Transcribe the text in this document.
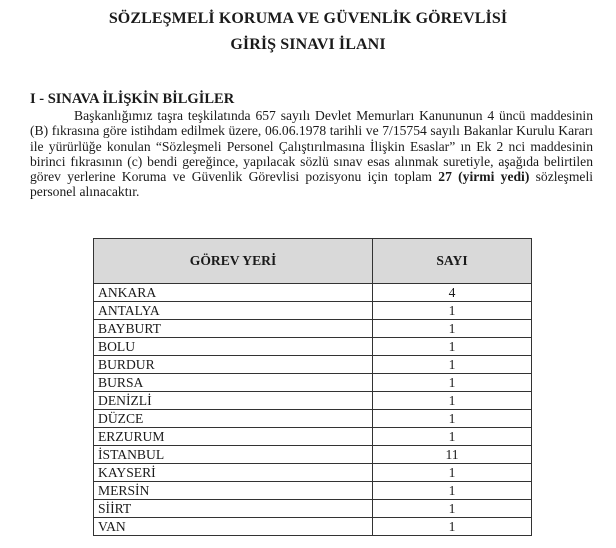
SÖZLEŞMELİ KORUMA VE GÜVENLİK GÖREVLİSİ
GİRİŞ SINAVI İLANI
I - SINAVA İLİŞKİN BİLGİLER

Başkanlığımız taşra teşkilatında 657 sayılı Devlet Memurları Kanununun 4 üncü maddesinin (B) fıkrasına göre istihdam edilmek üzere, 06.06.1978 tarihli ve 7/15754 sayılı Bakanlar Kurulu Kararı ile yürürlüğe konulan “Sözleşmeli Personel Çalıştırılmasına İlişkin Esaslar” ın Ek 2 nci maddesinin birinci fıkrasının (c) bendi gereğince, yapılacak sözlü sınav esas alınmak suretiyle, aşağıda belirtilen görev yerlerine Koruma ve Güvenlik Görevlisi pozisyonu için toplam 27 (yirmi yedi) sözleşmeli personel alınacaktır.

GÖREV YERİ	SAYI
ANKARA	4
ANTALYA	1
BAYBURT	1
BOLU	1
BURDUR	1
BURSA	1
DENİZLİ	1
DÜZCE	1
ERZURUM	1
İSTANBUL	11
KAYSERİ	1
MERSİN	1
SİİRT	1
VAN	1
